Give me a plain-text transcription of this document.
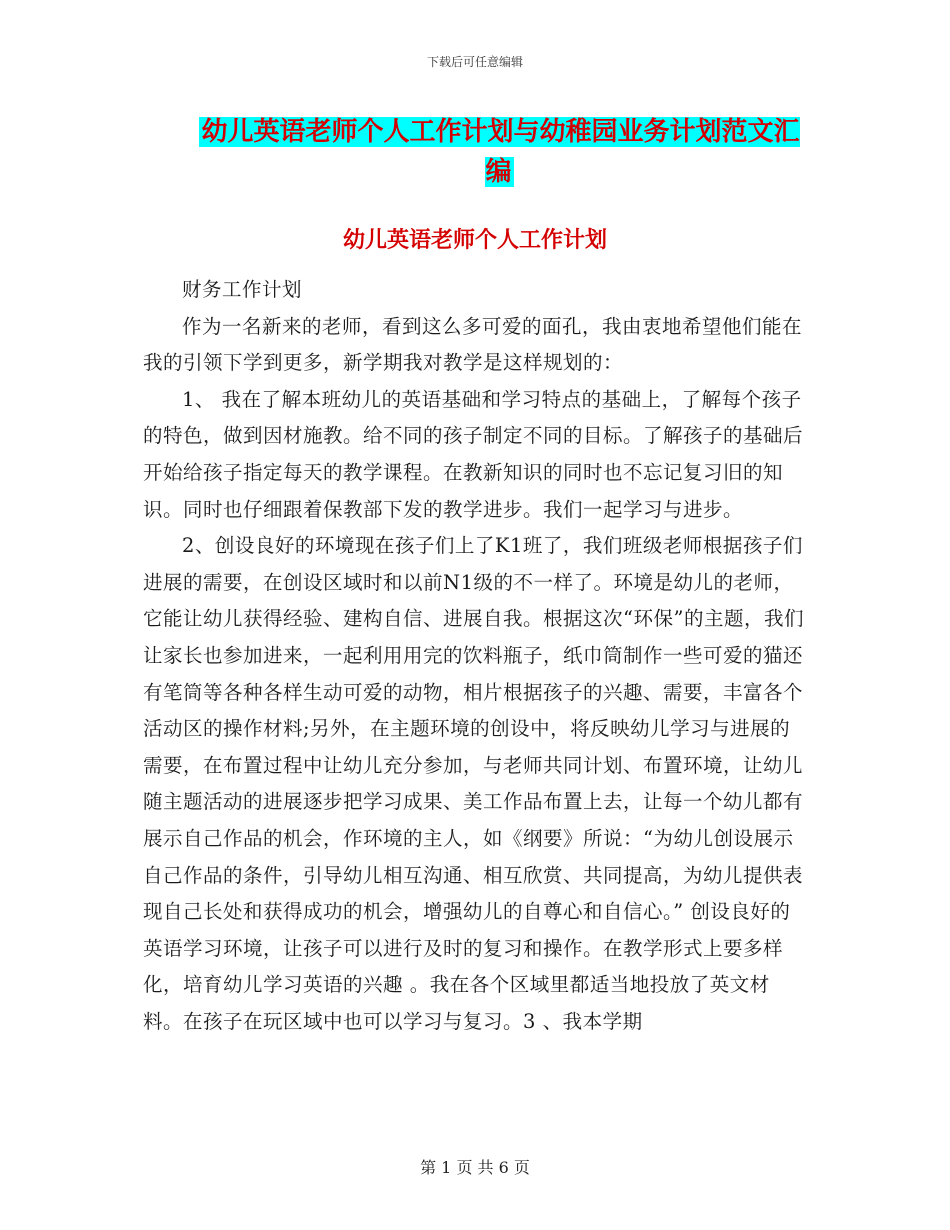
下载后可任意编辑
幼儿英语老师个人工作计划与幼稚园业务计划范文汇编
幼儿英语老师个人工作计划

财务工作计划

作为一名新来的老师，看到这么多可爱的面孔，我由衷地希望他们能在我的引领下学到更多，新学期我对教学是这样规划的：

1、 我在了解本班幼儿的英语基础和学习特点的基础上，了解每个孩子的特色，做到因材施教。给不同的孩子制定不同的目标。了解孩子的基础后开始给孩子指定每天的教学课程。在教新知识的同时也不忘记复习旧的知识。同时也仔细跟着保教部下发的教学进步。我们一起学习与进步。

2、创设良好的环境现在孩子们上了K1班了，我们班级老师根据孩子们进展的需要，在创设区域时和以前N1级的不一样了。环境是幼儿的老师，它能让幼儿获得经验、建构自信、进展自我。根据这次“环保”的主题，我们让家长也参加进来，一起利用用完的饮料瓶子，纸巾筒制作一些可爱的猫还有笔筒等各种各样生动可爱的动物，相片根据孩子的兴趣、需要，丰富各个活动区的操作材料;另外，在主题环境的创设中，将反映幼儿学习与进展的需要，在布置过程中让幼儿充分参加，与老师共同计划、布置环境，让幼儿随主题活动的进展逐步把学习成果、美工作品布置上去，让每一个幼儿都有展示自己作品的机会，作环境的主人，如《纲要》所说：“为幼儿创设展示自己作品的条件，引导幼儿相互沟通、相互欣赏、共同提高，为幼儿提供表现自己长处和获得成功的机会，增强幼儿的自尊心和自信心。” 创设良好的英语学习环境，让孩子可以进行及时的复习和操作。在教学形式上要多样化，培育幼儿学习英语的兴趣 。我在各个区域里都适当地投放了英文材料。在孩子在玩区域中也可以学习与复习。3 、我本学期

第 1 页 共 6 页
